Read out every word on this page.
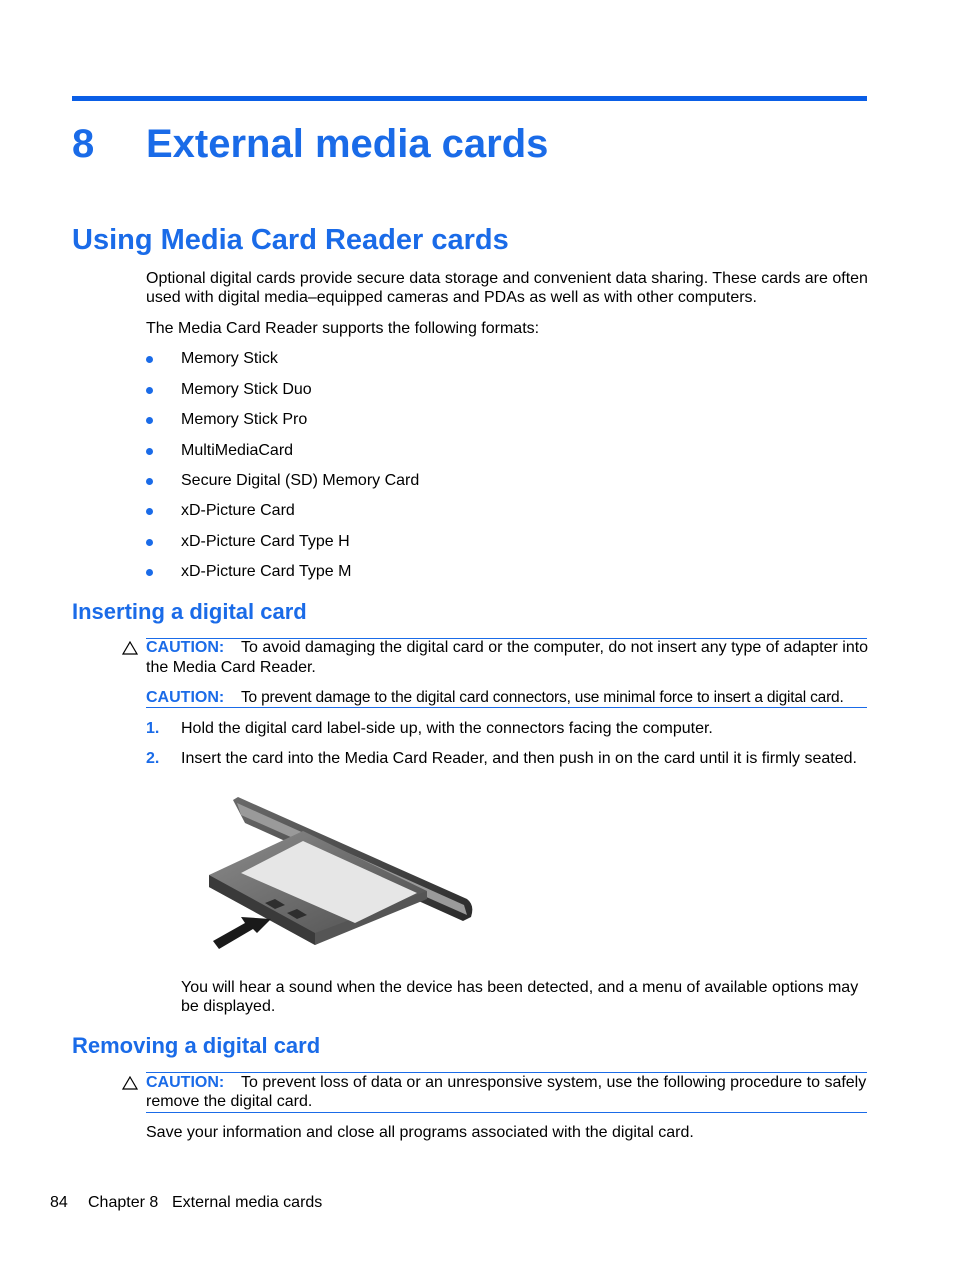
8 External media cards
Using Media Card Reader cards
Optional digital cards provide secure data storage and convenient data sharing. These cards are often
used with digital media–equipped cameras and PDAs as well as with other computers.
The Media Card Reader supports the following formats:
Memory Stick
Memory Stick Duo
Memory Stick Pro
MultiMediaCard
Secure Digital (SD) Memory Card
xD-Picture Card
xD-Picture Card Type H
xD-Picture Card Type M
Inserting a digital card
CAUTION: To avoid damaging the digital card or the computer, do not insert any type of adapter into
the Media Card Reader.
CAUTION: To prevent damage to the digital card connectors, use minimal force to insert a digital card.
1. Hold the digital card label-side up, with the connectors facing the computer.
2. Insert the card into the Media Card Reader, and then push in on the card until it is firmly seated.
You will hear a sound when the device has been detected, and a menu of available options may
be displayed.
Removing a digital card
CAUTION: To prevent loss of data or an unresponsive system, use the following procedure to safely
remove the digital card.
Save your information and close all programs associated with the digital card.
84 Chapter 8 External media cards
